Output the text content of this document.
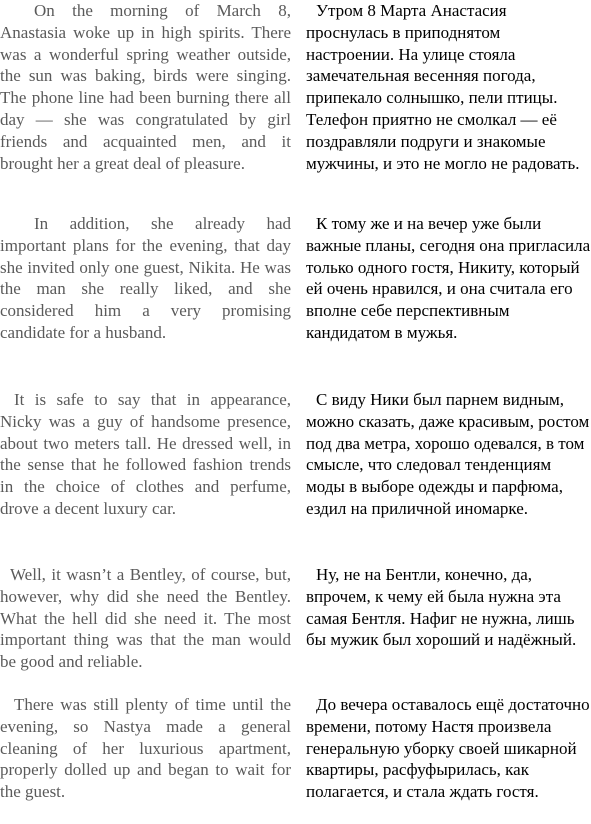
On the morning of March 8, Anastasia woke up in high spirits. There was a wonderful spring weather outside, the sun was baking, birds were singing. The phone line had been burning there all day — she was congratulated by girl friends and acquainted men, and it brought her a great deal of pleasure.

In addition, she already had important plans for the evening, that day she invited only one guest, Nikita. He was the man she really liked, and she considered him a very promising candidate for a husband.

It is safe to say that in appearance, Nicky was a guy of handsome presence, about two meters tall. He dressed well, in the sense that he followed fashion trends in the choice of clothes and perfume, drove a decent luxury car.

Well, it wasn’t a Bentley, of course, but, however, why did she need the Bentley. What the hell did she need it. The most important thing was that the man would be good and reliable.

There was still plenty of time until the evening, so Nastya made a general cleaning of her luxurious apartment, properly dolled up and began to wait for the guest.

Утром 8 Марта Анастасия проснулась в приподнятом настроении. На улице стояла замечательная весенняя погода, припекало солнышко, пели птицы. Телефон приятно не смолкал — её поздравляли подруги и знакомые мужчины, и это не могло не радовать.

К тому же и на вечер уже были важные планы, сегодня она пригласила только одного гостя, Никиту, который ей очень нравился, и она считала его вполне себе перспективным кандидатом в мужья.

С виду Ники был парнем видным, можно сказать, даже красивым, ростом под два метра, хорошо одевался, в том смысле, что следовал тенденциям моды в выборе одежды и парфюма, ездил на приличной иномарке.

Ну, не на Бентли, конечно, да, впрочем, к чему ей была нужна эта самая Бентля. Нафиг не нужна, лишь бы мужик был хороший и надёжный.

До вечера оставалось ещё достаточно времени, потому Настя произвела генеральную уборку своей шикарной квартиры, расфуфырилась, как полагается, и стала ждать гостя.
